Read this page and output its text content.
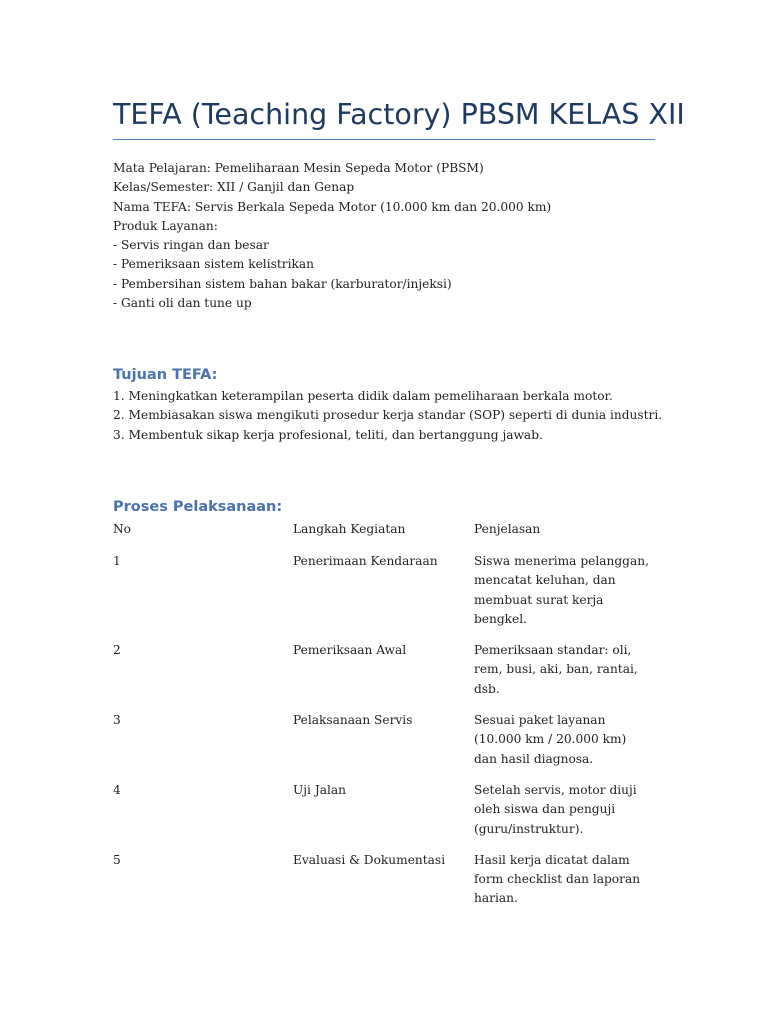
TEFA (Teaching Factory) PBSM KELAS XII
Mata Pelajaran: Pemeliharaan Mesin Sepeda Motor (PBSM)
Kelas/Semester: XII / Ganjil dan Genap
Nama TEFA: Servis Berkala Sepeda Motor (10.000 km dan 20.000 km)
Produk Layanan:
- Servis ringan dan besar
- Pemeriksaan sistem kelistrikan
- Pembersihan sistem bahan bakar (karburator/injeksi)
- Ganti oli dan tune up
Tujuan TEFA:
1. Meningkatkan keterampilan peserta didik dalam pemeliharaan berkala motor.
2. Membiasakan siswa mengikuti prosedur kerja standar (SOP) seperti di dunia industri.
3. Membentuk sikap kerja profesional, teliti, dan bertanggung jawab.
Proses Pelaksanaan:
No	Langkah Kegiatan	Penjelasan
1	Penerimaan Kendaraan	Siswa menerima pelanggan,
mencatat keluhan, dan
membuat surat kerja
bengkel.
2	Pemeriksaan Awal	Pemeriksaan standar: oli,
rem, busi, aki, ban, rantai,
dsb.
3	Pelaksanaan Servis	Sesuai paket layanan
(10.000 km / 20.000 km)
dan hasil diagnosa.
4	Uji Jalan	Setelah servis, motor diuji
oleh siswa dan penguji
(guru/instruktur).
5	Evaluasi & Dokumentasi	Hasil kerja dicatat dalam
form checklist dan laporan
harian.
